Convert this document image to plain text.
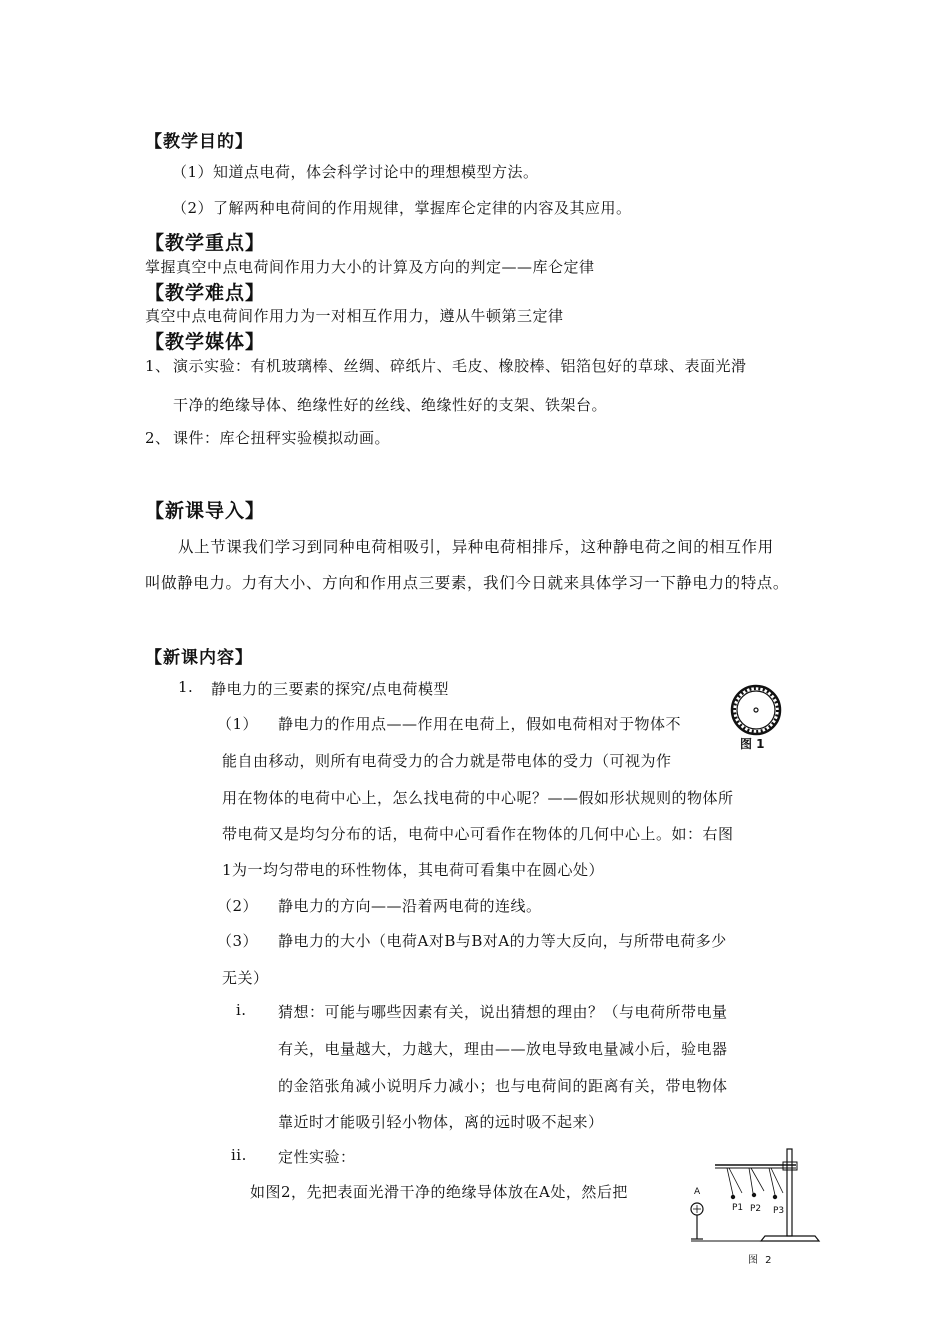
【教学目的】
（1）知道点电荷，体会科学讨论中的理想模型方法。
（2）了解两种电荷间的作用规律，掌握库仑定律的内容及其应用。
【教学重点】
掌握真空中点电荷间作用力大小的计算及方向的判定——库仑定律
【教学难点】
真空中点电荷间作用力为一对相互作用力，遵从牛顿第三定律
【教学媒体】
1、 演示实验：有机玻璃棒、丝绸、碎纸片、毛皮、橡胶棒、铝箔包好的草球、表面光滑
干净的绝缘导体、绝缘性好的丝线、绝缘性好的支架、铁架台。
2、 课件：库仑扭秤实验模拟动画。
【新课导入】
从上节课我们学习到同种电荷相吸引，异种电荷相排斥，这种静电荷之间的相互作用
叫做静电力。力有大小、方向和作用点三要素，我们今日就来具体学习一下静电力的特点。
【新课内容】
1. 静电力的三要素的探究/点电荷模型
（1） 静电力的作用点——作用在电荷上，假如电荷相对于物体不
能自由移动，则所有电荷受力的合力就是带电体的受力（可视为作
用在物体的电荷中心上，怎么找电荷的中心呢？——假如形状规则的物体所
带电荷又是均匀分布的话，电荷中心可看作在物体的几何中心上。如：右图
1为一均匀带电的环性物体，其电荷可看集中在圆心处）
（2） 静电力的方向——沿着两电荷的连线。
（3） 静电力的大小（电荷A对B与B对A的力等大反向，与所带电荷多少
无关）
i. 猜想：可能与哪些因素有关，说出猜想的理由？（与电荷所带电量
有关，电量越大，力越大，理由——放电导致电量减小后，验电器
的金箔张角减小说明斥力减小；也与电荷间的距离有关，带电物体
靠近时才能吸引轻小物体，离的远时吸不起来）
ii. 定性实验：
如图2，先把表面光滑干净的绝缘导体放在A处，然后把
图 1
A
P1 P2 P3
图 2
